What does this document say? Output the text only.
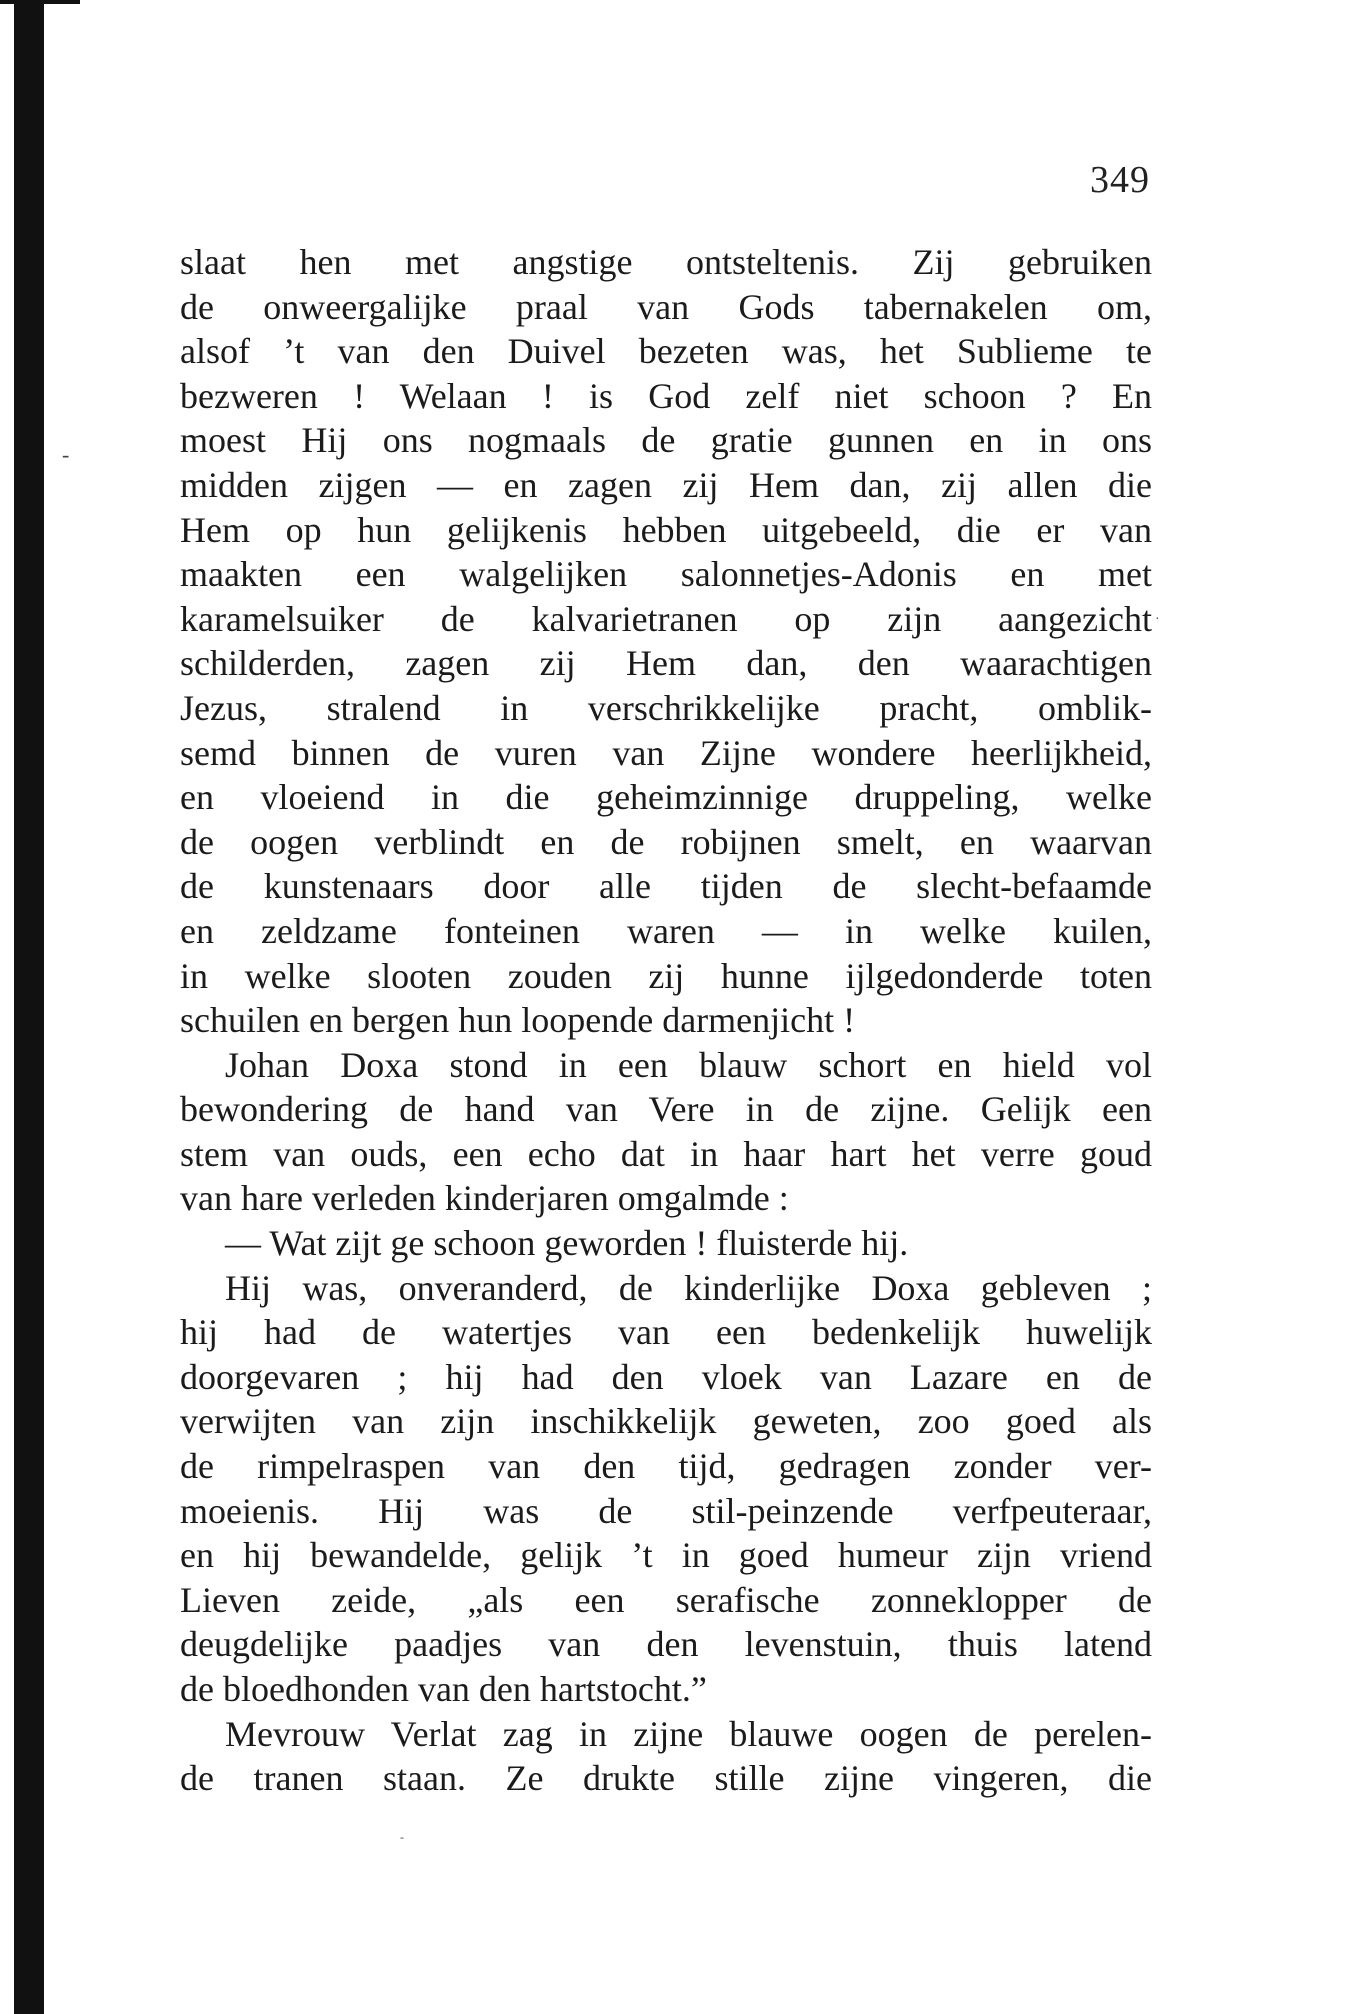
349
-
·
-
slaat hen met angstige ontsteltenis. Zij gebruiken
de onweergalijke praal van Gods tabernakelen om,
alsof ’t van den Duivel bezeten was, het Sublieme te
bezweren ! Welaan ! is God zelf niet schoon ? En
moest Hij ons nogmaals de gratie gunnen en in ons
midden zijgen — en zagen zij Hem dan, zij allen die
Hem op hun gelijkenis hebben uitgebeeld, die er van
maakten een walgelijken salonnetjes-Adonis en met
karamelsuiker de kalvarietranen op zijn aangezicht
schilderden, zagen zij Hem dan, den waarachtigen
Jezus, stralend in verschrikkelijke pracht, omblik-
semd binnen de vuren van Zijne wondere heerlijkheid,
en vloeiend in die geheimzinnige druppeling, welke
de oogen verblindt en de robijnen smelt, en waarvan
de kunstenaars door alle tijden de slecht-befaamde
en zeldzame fonteinen waren — in welke kuilen,
in welke slooten zouden zij hunne ijlgedonderde toten
schuilen en bergen hun loopende darmenjicht !
Johan Doxa stond in een blauw schort en hield vol
bewondering de hand van Vere in de zijne. Gelijk een
stem van ouds, een echo dat in haar hart het verre goud
van hare verleden kinderjaren omgalmde :
— Wat zijt ge schoon geworden ! fluisterde hij.
Hij was, onveranderd, de kinderlijke Doxa gebleven ;
hij had de watertjes van een bedenkelijk huwelijk
doorgevaren ; hij had den vloek van Lazare en de
verwijten van zijn inschikkelijk geweten, zoo goed als
de rimpelraspen van den tijd, gedragen zonder ver-
moeienis. Hij was de stil-peinzende verfpeuteraar,
en hij bewandelde, gelijk ’t in goed humeur zijn vriend
Lieven zeide, „als een serafische zonneklopper de
deugdelijke paadjes van den levenstuin, thuis latend
de bloedhonden van den hartstocht.”
Mevrouw Verlat zag in zijne blauwe oogen de perelen-
de tranen staan. Ze drukte stille zijne vingeren, die
